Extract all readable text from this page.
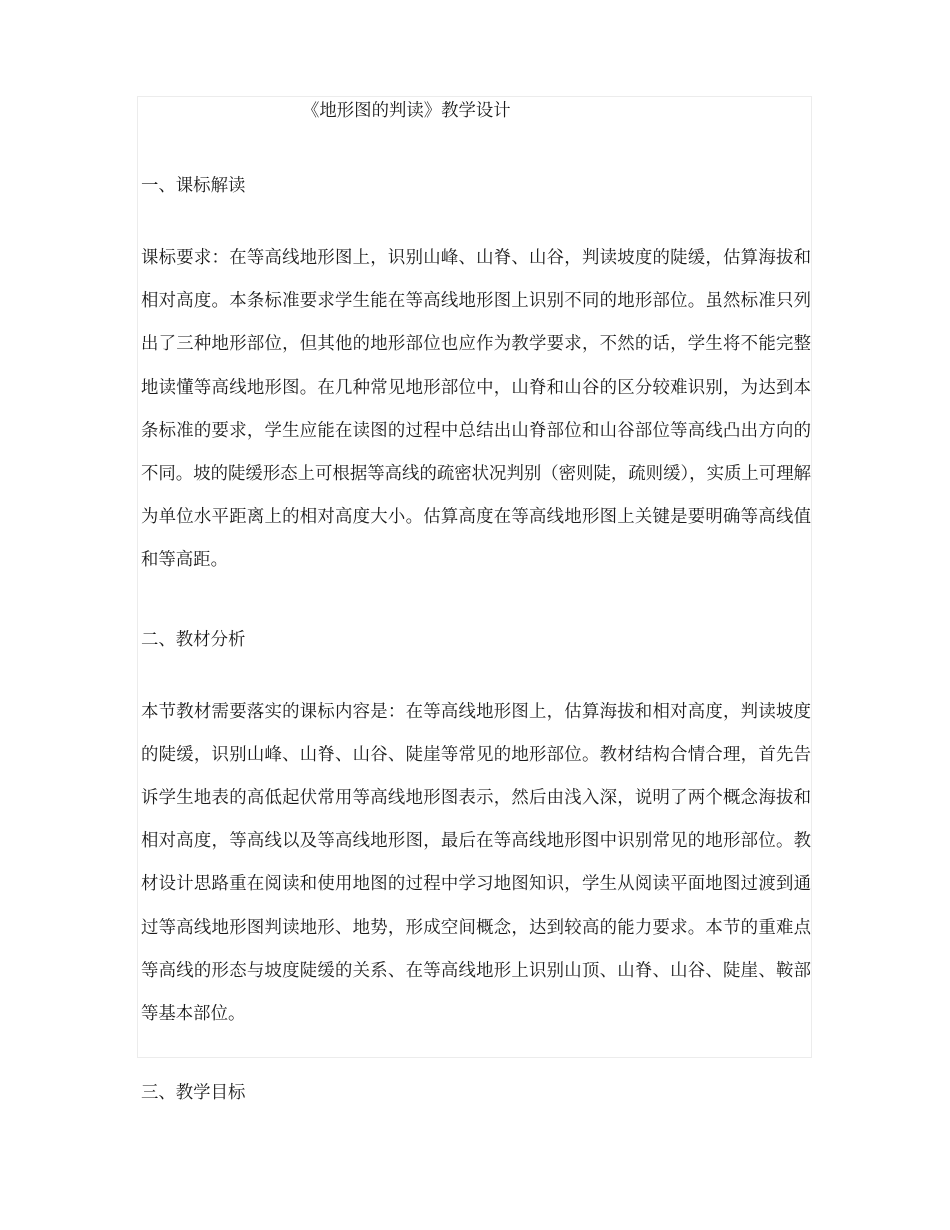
《地形图的判读》教学设计
一、课标解读

课标要求：在等高线地形图上，识别山峰、山脊、山谷，判读坡度的陡缓，估算海拔和相对高度。本条标准要求学生能在等高线地形图上识别不同的地形部位。虽然标准只列出了三种地形部位，但其他的地形部位也应作为教学要求，不然的话，学生将不能完整地读懂等高线地形图。在几种常见地形部位中，山脊和山谷的区分较难识别，为达到本条标准的要求，学生应能在读图的过程中总结出山脊部位和山谷部位等高线凸出方向的不同。坡的陡缓形态上可根据等高线的疏密状况判别（密则陡，疏则缓），实质上可理解为单位水平距离上的相对高度大小。估算高度在等高线地形图上关键是要明确等高线值和等高距。

二、教材分析

本节教材需要落实的课标内容是：在等高线地形图上，估算海拔和相对高度，判读坡度的陡缓，识别山峰、山脊、山谷、陡崖等常见的地形部位。教材结构合情合理，首先告诉学生地表的高低起伏常用等高线地形图表示，然后由浅入深，说明了两个概念海拔和相对高度，等高线以及等高线地形图，最后在等高线地形图中识别常见的地形部位。教材设计思路重在阅读和使用地图的过程中学习地图知识，学生从阅读平面地图过渡到通过等高线地形图判读地形、地势，形成空间概念，达到较高的能力要求。本节的重难点等高线的形态与坡度陡缓的关系、在等高线地形上识别山顶、山脊、山谷、陡崖、鞍部等基本部位。

三、教学目标
